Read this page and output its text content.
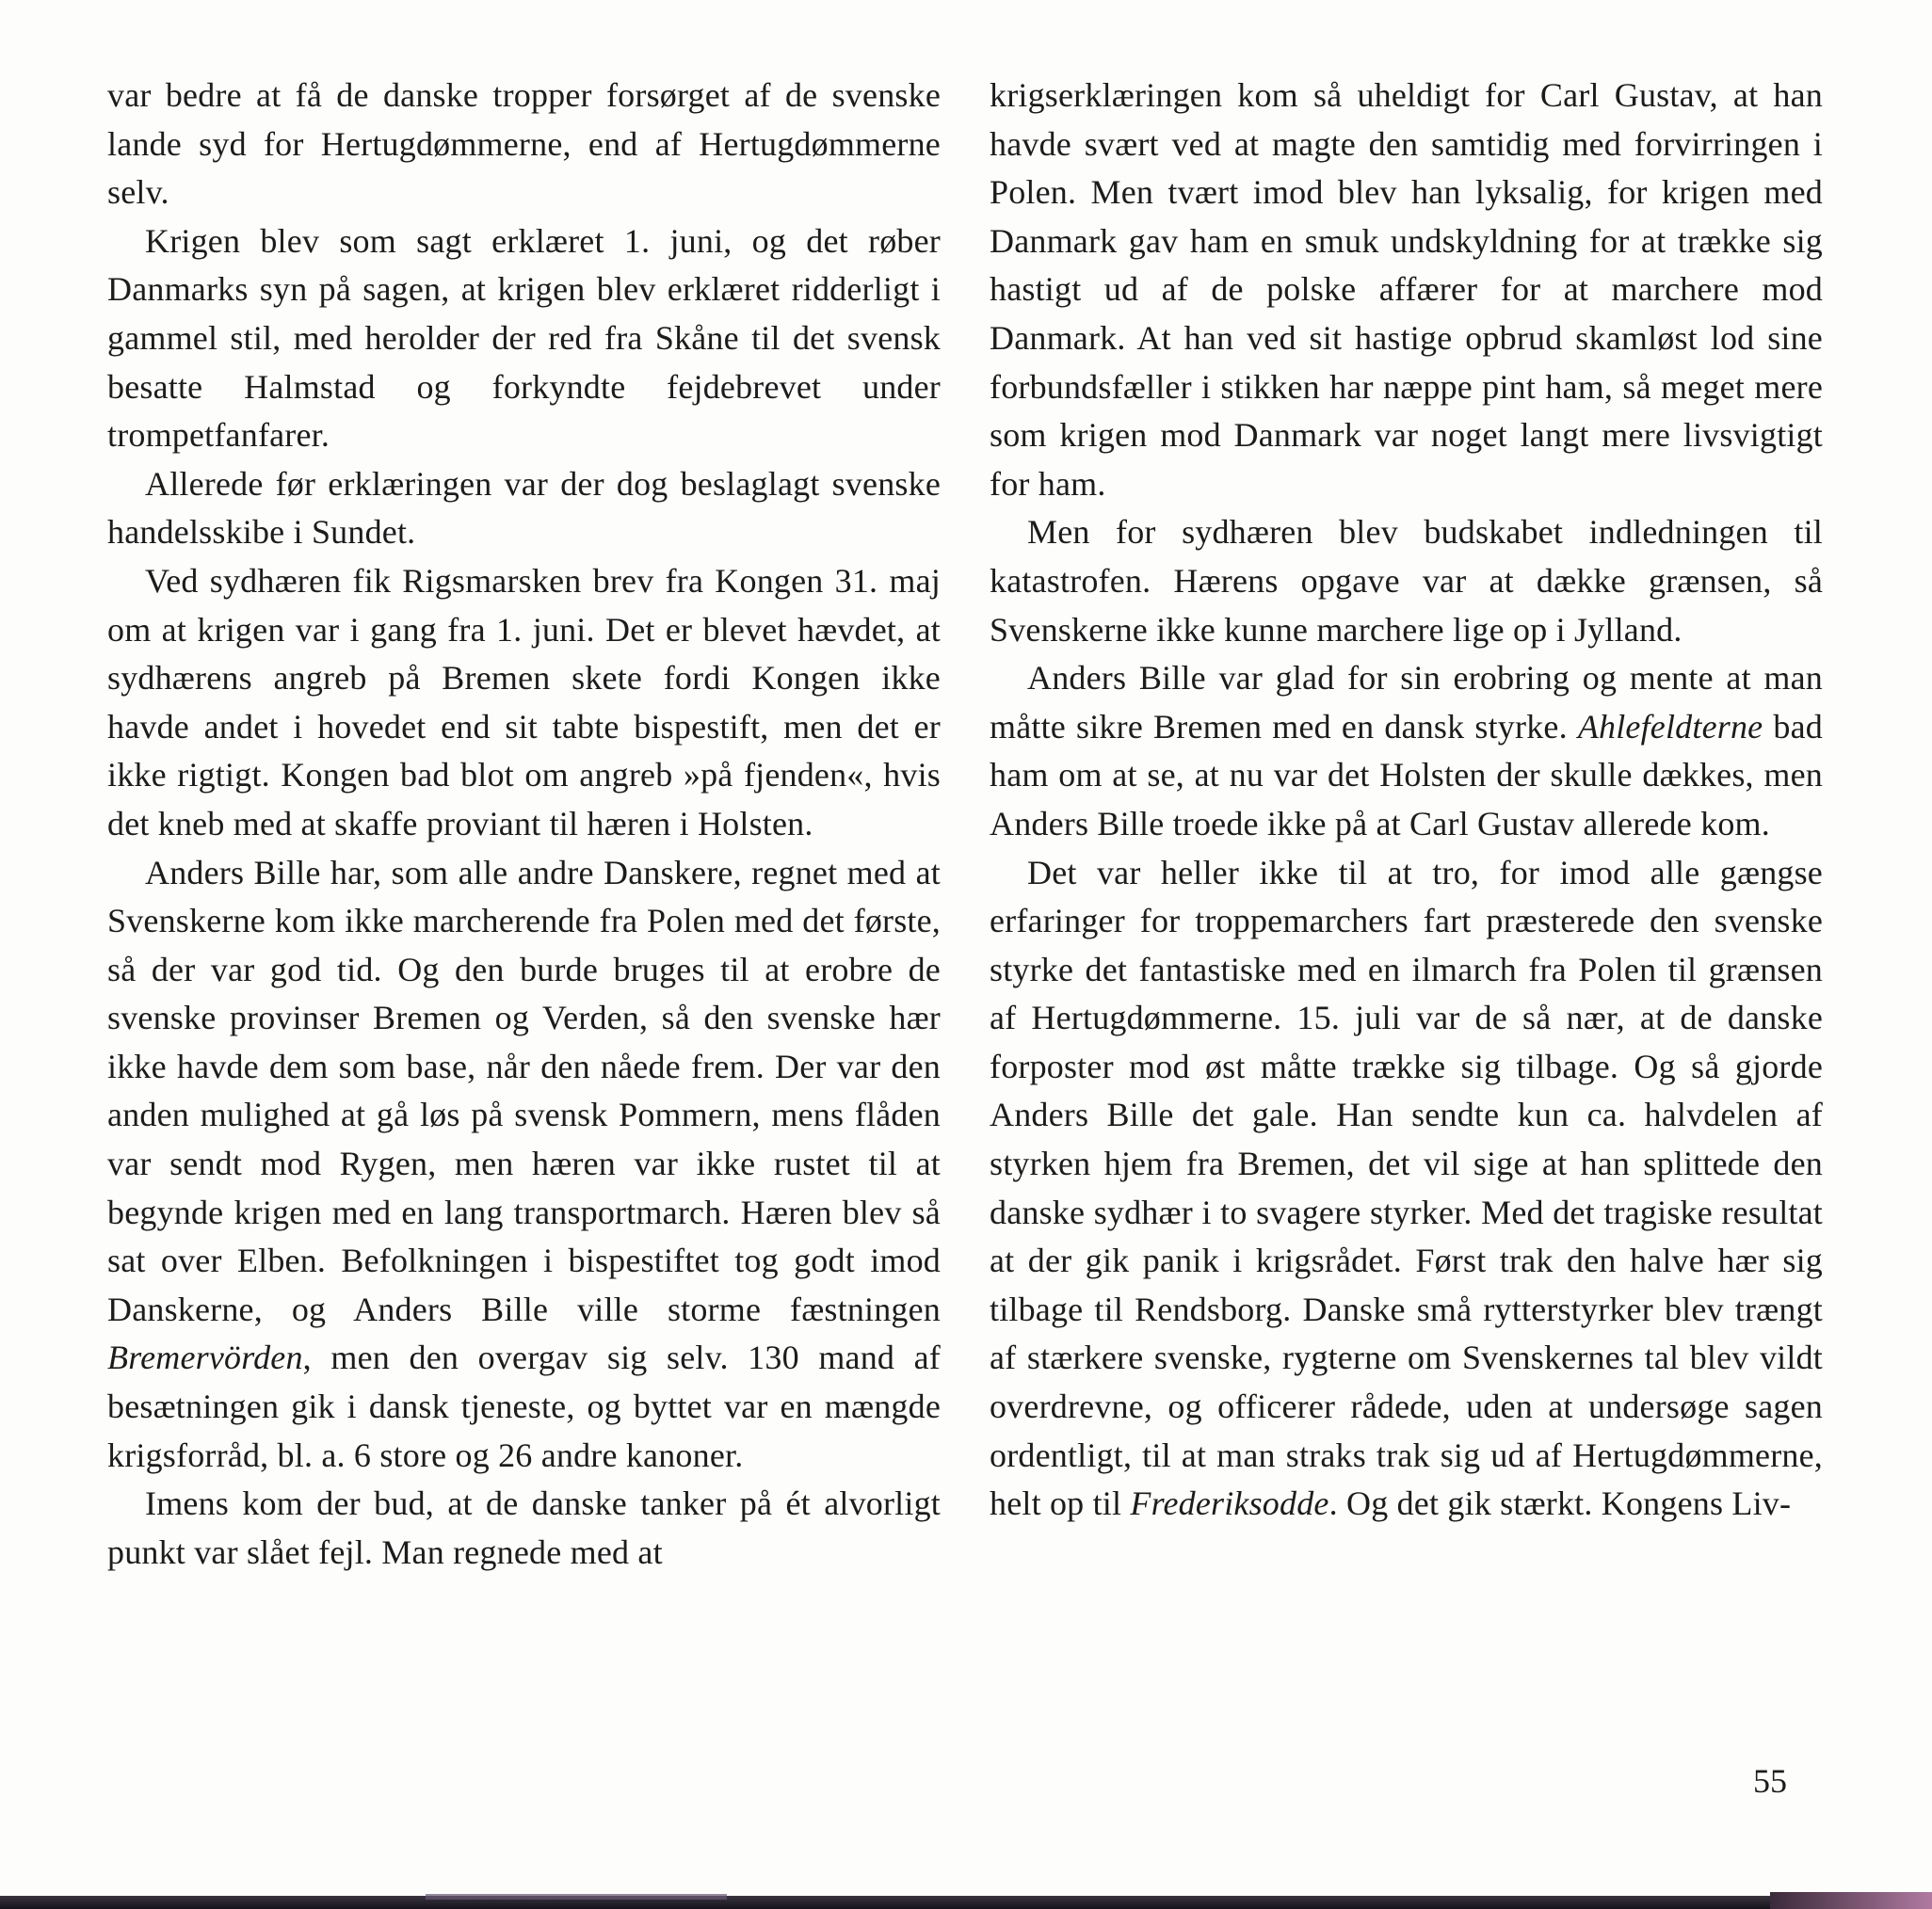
var bedre at få de danske tropper forsørget af de svenske lande syd for Hertugdømmerne, end af Hertugdømmerne selv.

Krigen blev som sagt erklæret 1. juni, og det røber Danmarks syn på sagen, at krigen blev erklæret ridderligt i gammel stil, med herolder der red fra Skåne til det svensk besatte Halmstad og forkyndte fejdebrevet under trompetfanfarer.

Allerede før erklæringen var der dog beslaglagt svenske handelsskibe i Sundet.

Ved sydhæren fik Rigsmarsken brev fra Kongen 31. maj om at krigen var i gang fra 1. juni. Det er blevet hævdet, at sydhærens angreb på Bremen skete fordi Kongen ikke havde andet i hovedet end sit tabte bispestift, men det er ikke rigtigt. Kongen bad blot om angreb »på fjenden«, hvis det kneb med at skaffe proviant til hæren i Holsten.

Anders Bille har, som alle andre Danskere, regnet med at Svenskerne kom ikke marcherende fra Polen med det første, så der var god tid. Og den burde bruges til at erobre de svenske provinser Bremen og Verden, så den svenske hær ikke havde dem som base, når den nåede frem. Der var den anden mulighed at gå løs på svensk Pommern, mens flåden var sendt mod Rygen, men hæren var ikke rustet til at begynde krigen med en lang transportmarch. Hæren blev så sat over Elben. Befolkningen i bispestiftet tog godt imod Danskerne, og Anders Bille ville storme fæstningen Bremervörden, men den overgav sig selv. 130 mand af besætningen gik i dansk tjeneste, og byttet var en mængde krigsforråd, bl. a. 6 store og 26 andre kanoner.

Imens kom der bud, at de danske tanker på ét alvorligt punkt var slået fejl. Man regnede med at

krigserklæringen kom så uheldigt for Carl Gustav, at han havde svært ved at magte den samtidig med forvirringen i Polen. Men tvært imod blev han lyksalig, for krigen med Danmark gav ham en smuk undskyldning for at trække sig hastigt ud af de polske affærer for at marchere mod Danmark. At han ved sit hastige opbrud skamløst lod sine forbundsfæller i stikken har næppe pint ham, så meget mere som krigen mod Danmark var noget langt mere livsvigtigt for ham.

Men for sydhæren blev budskabet indledningen til katastrofen. Hærens opgave var at dække grænsen, så Svenskerne ikke kunne marchere lige op i Jylland.

Anders Bille var glad for sin erobring og mente at man måtte sikre Bremen med en dansk styrke. Ahlefeldterne bad ham om at se, at nu var det Holsten der skulle dækkes, men Anders Bille troede ikke på at Carl Gustav allerede kom.

Det var heller ikke til at tro, for imod alle gængse erfaringer for troppemarchers fart præsterede den svenske styrke det fantastiske med en ilmarch fra Polen til grænsen af Hertugdømmerne. 15. juli var de så nær, at de danske forposter mod øst måtte trække sig tilbage. Og så gjorde Anders Bille det gale. Han sendte kun ca. halvdelen af styrken hjem fra Bremen, det vil sige at han splittede den danske sydhær i to svagere styrker. Med det tragiske resultat at der gik panik i krigsrådet. Først trak den halve hær sig tilbage til Rendsborg. Danske små rytterstyrker blev trængt af stærkere svenske, rygterne om Svenskernes tal blev vildt overdrevne, og officerer rådede, uden at undersøge sagen ordentligt, til at man straks trak sig ud af Hertugdømmerne, helt op til Frederiksodde. Og det gik stærkt. Kongens Liv-

55
